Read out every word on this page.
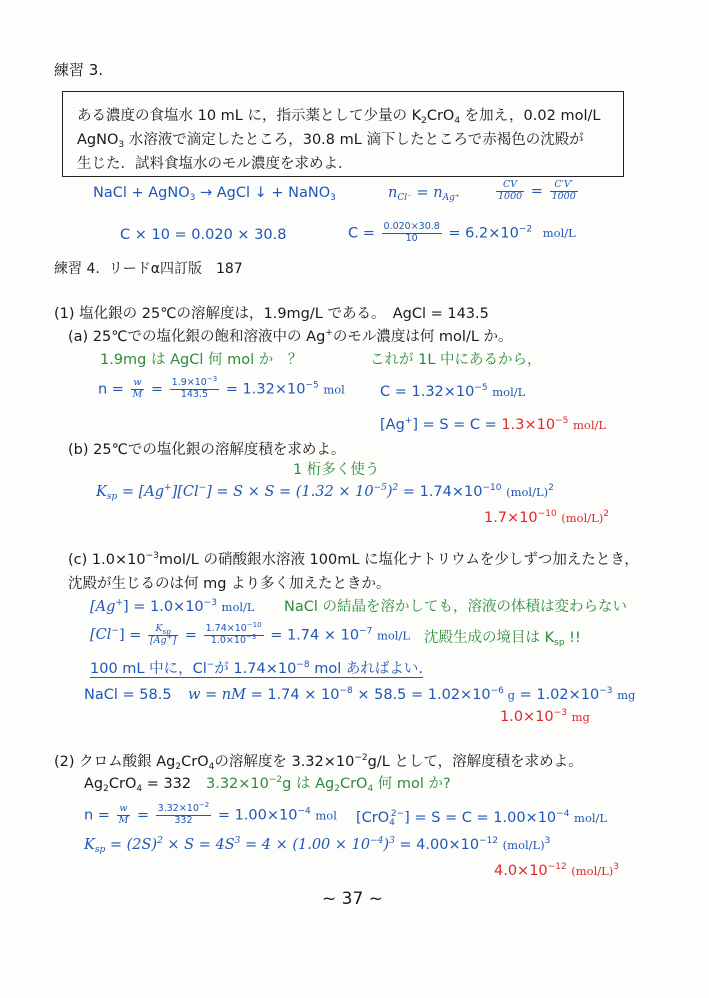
練習 3.
ある濃度の食塩水 10 mL に，指示薬として少量の $K_2CrO_4$ を加え，0.02 mol/L
AgNO$_3$ 水溶液で滴定したところ，30.8 mL 滴下したところで赤褐色の沈殿が
生じた．試料食塩水のモル濃度を求めよ．
NaCl + AgNO$_3$ → AgCl ↓ + NaNO$_3$	$n_{Cl^-} = n_{Ag^+}$	$\frac{CV}{1000} = \frac{C'V'}{1000}$
C × 10 = 0.020 × 30.8	$C = \frac{0.020\times 30.8}{10} = 6.2\times 10^{-2}$ mol/L
練習 4. リードα四訂版　187
(1) 塩化銀の 25℃の溶解度は，1.9mg/L である。　AgCl = 143.5
(a) 25℃での塩化銀の飽和溶液中の Ag+のモル濃度は何 mol/L か。
1.9mg は AgCl 何 mol か　？	これが 1L 中にあるから，
$n = \frac{w}{M} = \frac{1.9\times 10^{-3}}{143.5} = 1.32\times 10^{-5}$ mol $C = 1.32\times 10^{-5}$ mol/L
$[Ag^+] = S = C = 1.3\times 10^{-5}$ mol/L
(b) 25℃での塩化銀の溶解度積を求めよ。
1 桁多く使う
$K_{sp} = [Ag^+][Cl^-] = S \times S = (1.32 \times 10^{-5})^2 = 1.74\times 10^{-10}$ $(mol/L)^2$
$1.7\times 10^{-10}$ $(mol/L)^2$
(c) $1.0\times 10^{-3}mol/L$ の硝酸銀水溶液 100mL に塩化ナトリウムを少しずつ加えたとき，
沈殿が生じるのは何 mg より多く加えたときか。
$[Ag^+] = 1.0\times 10^{-3}$ mol/L NaCl の結晶を溶かしても，溶液の体積は変わらない
$[Cl^-] = \frac{K_{sp}}{[Ag^+]} = \frac{1.74\times 10^{-10}}{1.0\times 10^{-3}} = 1.74 \times 10^{-7}$ mol/L 沈殿生成の境目は $K_{sp}$ !!
100 mL 中に，Cl−が $1.74\times 10^{-8}$ mol あればよい.
NaCl = 58.5 w = nM = $1.74 \times 10^{-8} \times 58.5 = 1.02\times 10^{-6}$ $g = 1.02\times 10^{-3}$ mg
$1.0\times 10^{-3}$ mg
(2) クロム酸銀 $Ag_2CrO_4$の溶解度を $3.32\times 10^{-2}g/L$ として，溶解度積を求めよ。
$Ag_2CrO_4 = 332$ $3.32\times 10^{-2}g$ は $Ag_2CrO_4$ 何 mol か?
$n = \frac{w}{M} = \frac{3.32\times 10^{-2}}{332} = 1.00\times 10^{-4}$ mol $[CrO_4^{2-}] = S = C = 1.00\times 10^{-4}$ mol/L
$K_{sp} = (2S)^2 \times S = 4S^3 = 4 \times (1.00 \times 10^{-4})^3 = 4.00\times 10^{-12}$ $(mol/L)^3$
$4.0\times 10^{-12}$ $(mol/L)^3$
~ 37 ~
